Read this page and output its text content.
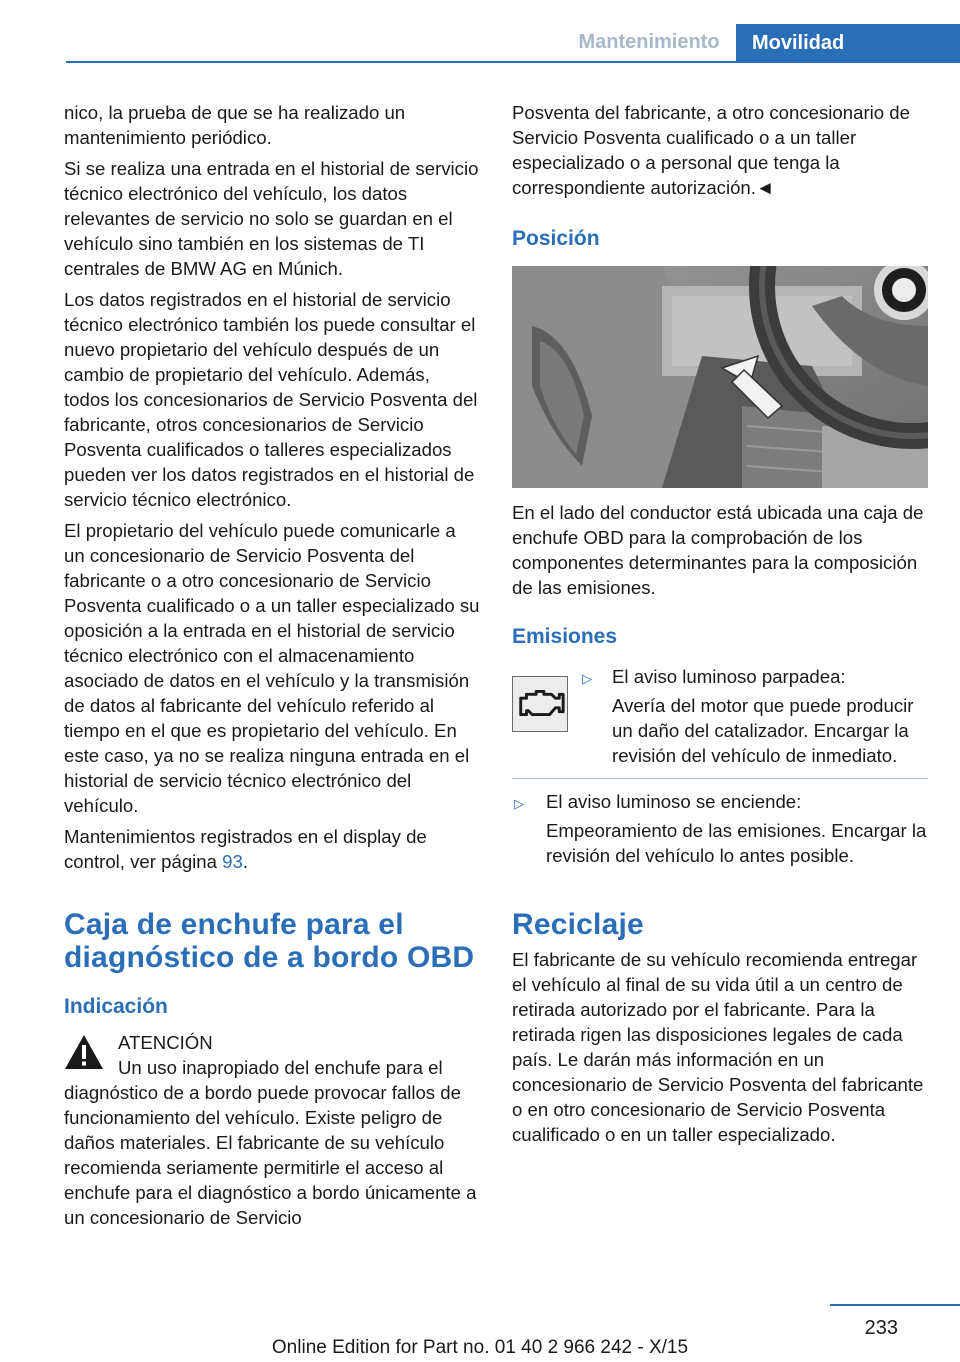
Mantenimiento	Movilidad

nico, la prueba de que se ha realizado un mantenimiento periódico.

Si se realiza una entrada en el historial de servicio técnico electrónico del vehículo, los datos relevantes de servicio no solo se guardan en el vehículo sino también en los sistemas de TI centrales de BMW AG en Múnich.

Los datos registrados en el historial de servicio técnico electrónico también los puede consultar el nuevo propietario del vehículo después de un cambio de propietario del vehículo. Además, todos los concesionarios de Servicio Posventa del fabricante, otros concesionarios de Servicio Posventa cualificados o talleres especializados pueden ver los datos registrados en el historial de servicio técnico electrónico.

El propietario del vehículo puede comunicarle a un concesionario de Servicio Posventa del fabricante o a otro concesionario de Servicio Posventa cualificado o a un taller especializado su oposición a la entrada en el historial de servicio técnico electrónico con el almacenamiento asociado de datos en el vehículo y la transmisión de datos al fabricante del vehículo referido al tiempo en el que es propietario del vehículo. En este caso, ya no se realiza ninguna entrada en el historial de servicio técnico electrónico del vehículo.

Mantenimientos registrados en el display de control, ver página 93.

Caja de enchufe para el diagnóstico de a bordo OBD
Indicación
ATENCIÓN
Un uso inapropiado del enchufe para el
diagnóstico de a bordo puede provocar fallos de funcionamiento del vehículo. Existe peligro de daños materiales. El fabricante de su vehículo recomienda seriamente permitirle el acceso al enchufe para el diagnóstico a bordo únicamente a un concesionario de Servicio

Posventa del fabricante, a otro concesionario de Servicio Posventa cualificado o a un taller especializado o a personal que tenga la correspondiente autorización.◄

Posición

En el lado del conductor está ubicada una caja de enchufe OBD para la comprobación de los componentes determinantes para la composición de las emisiones.

Emisiones
▷ El aviso luminoso parpadea:
Avería del motor que puede producir un daño del catalizador. Encargar la revisión del vehículo de inmediato.
▷ El aviso luminoso se enciende:
Empeoramiento de las emisiones. Encargar la revisión del vehículo lo antes posible.
Reciclaje

El fabricante de su vehículo recomienda entregar el vehículo al final de su vida útil a un centro de retirada autorizado por el fabricante. Para la retirada rigen las disposiciones legales de cada país. Le darán más información en un concesionario de Servicio Posventa del fabricante o en otro concesionario de Servicio Posventa cualificado o en un taller especializado.

233
Online Edition for Part no. 01 40 2 966 242 - X/15
